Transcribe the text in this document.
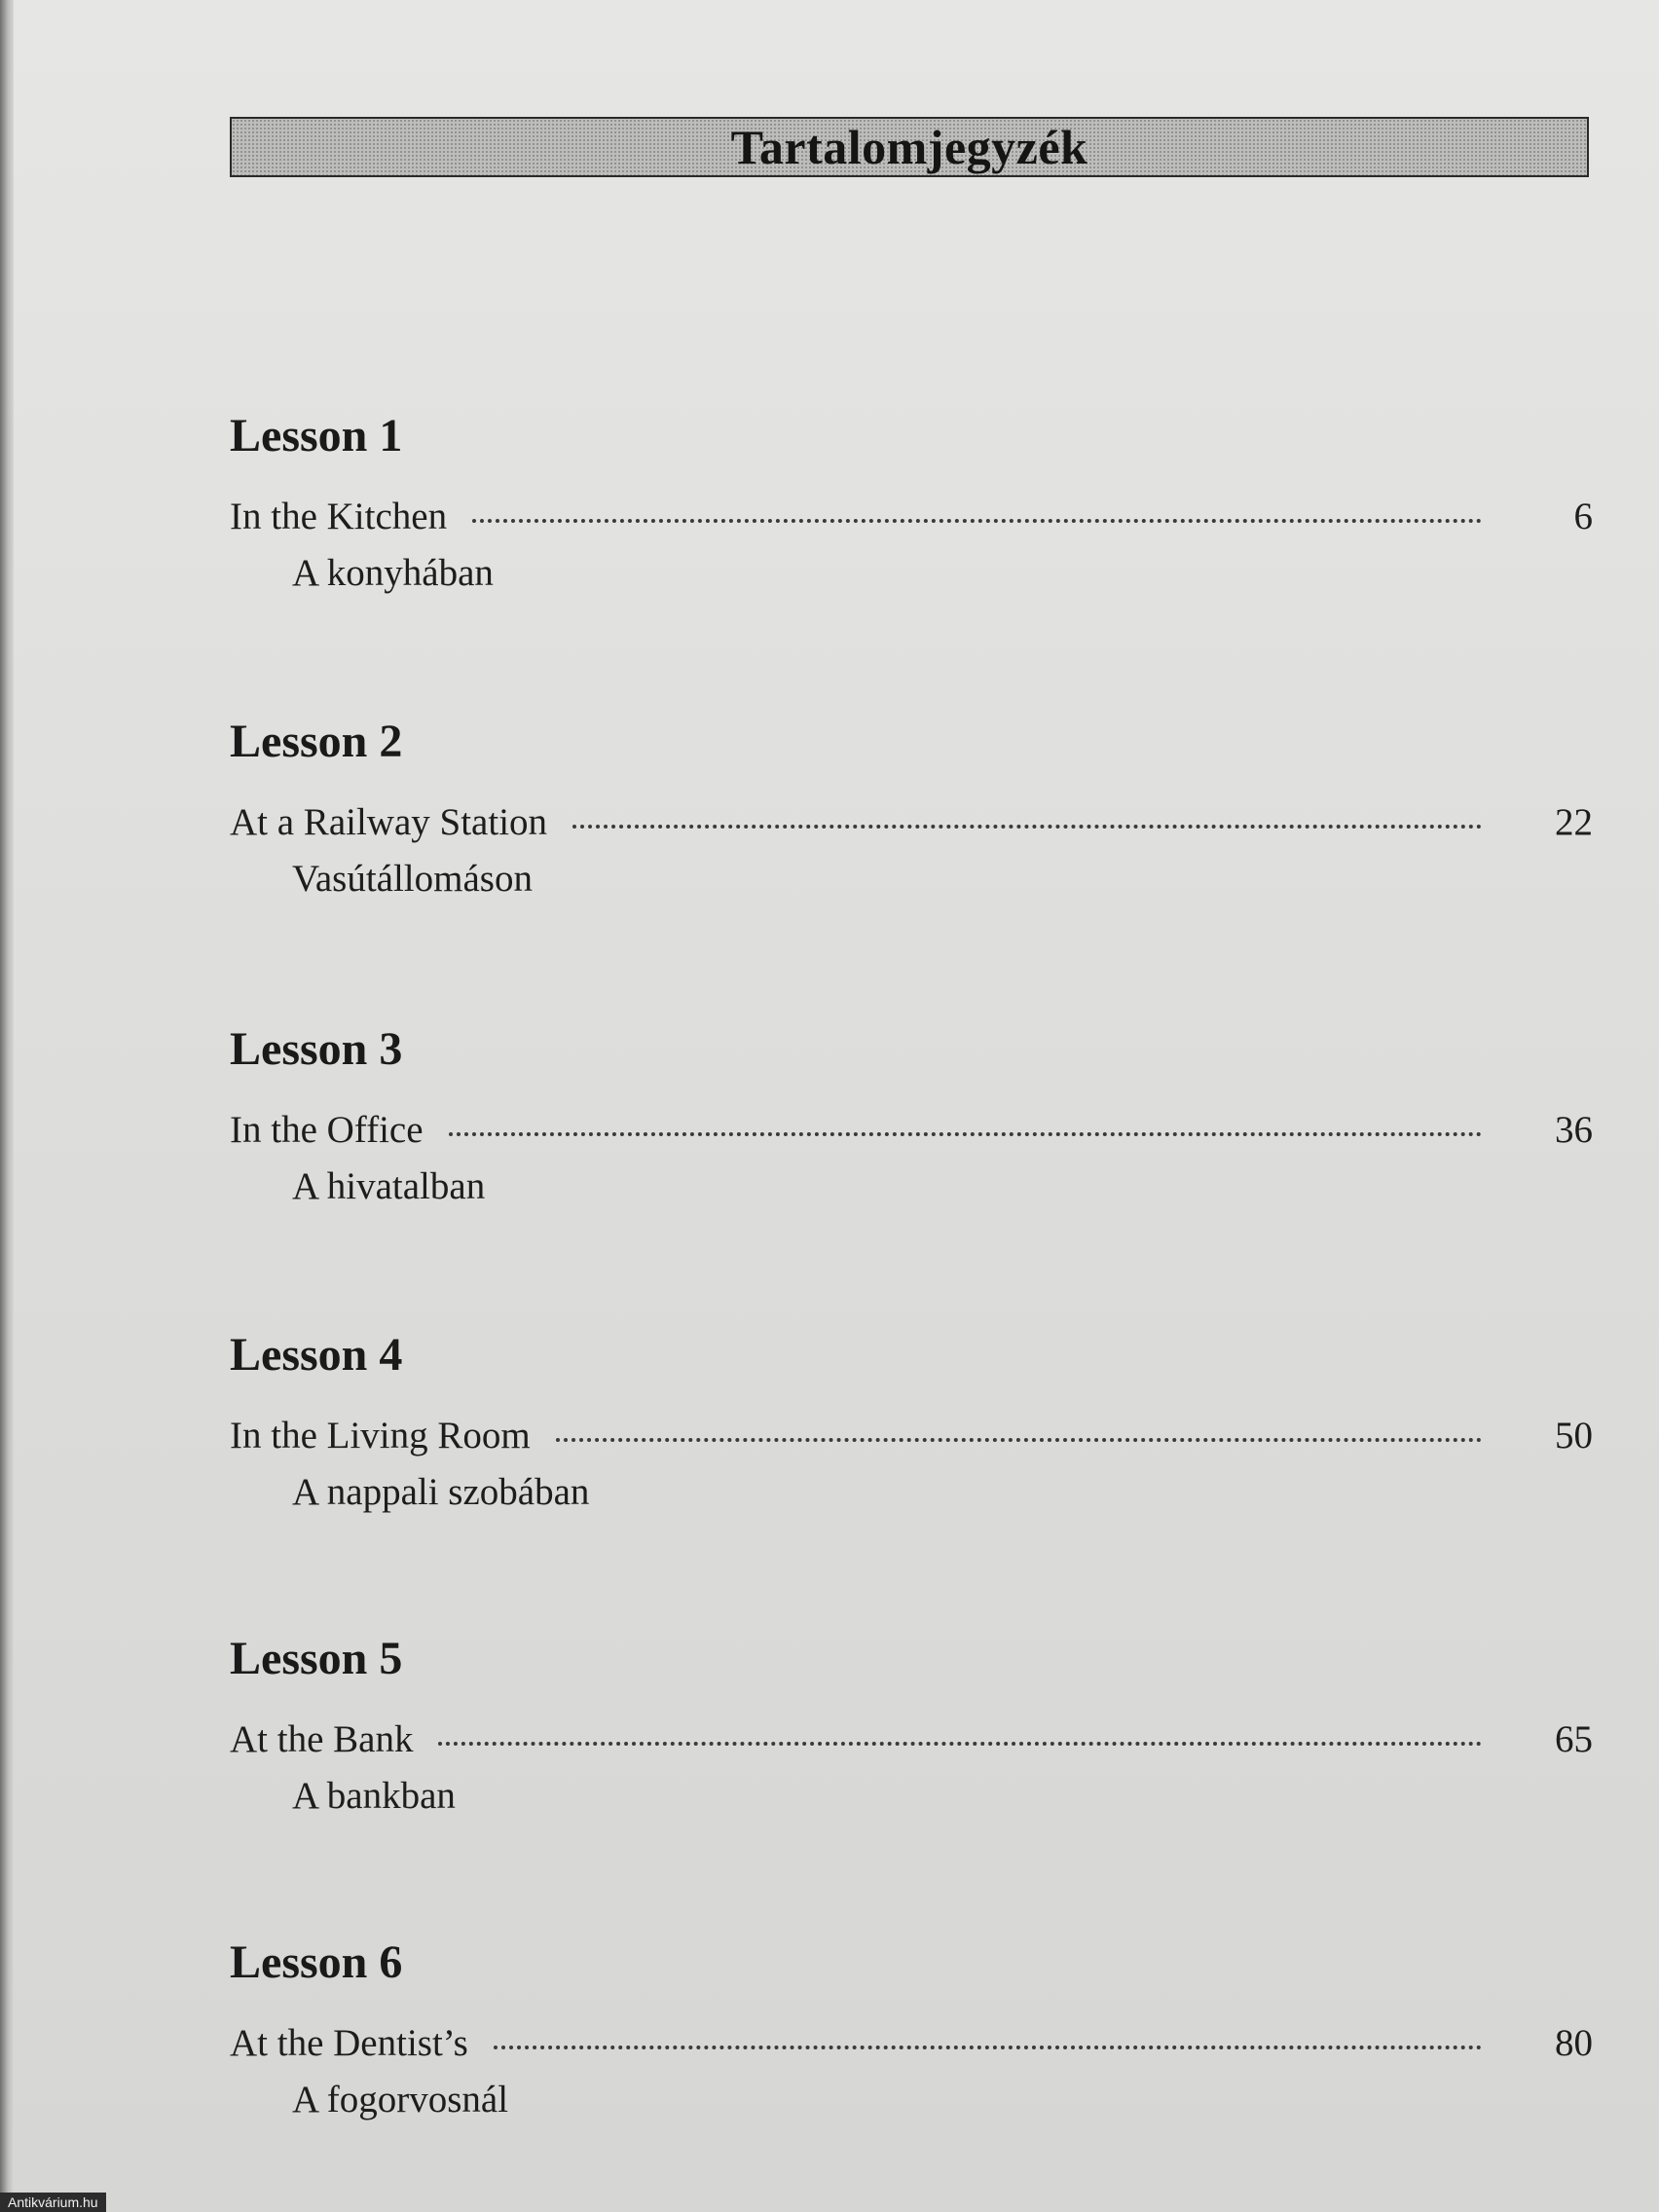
Tartalomjegyzék
Lesson 1
In the Kitchen	6
A konyhában
Lesson 2
At a Railway Station	22
Vasútállomáson
Lesson 3
In the Office	36
A hivatalban
Lesson 4
In the Living Room	50
A nappali szobában
Lesson 5
At the Bank	65
A bankban
Lesson 6
At the Dentist’s	80
A fogorvosnál
Antikvárium.hu
